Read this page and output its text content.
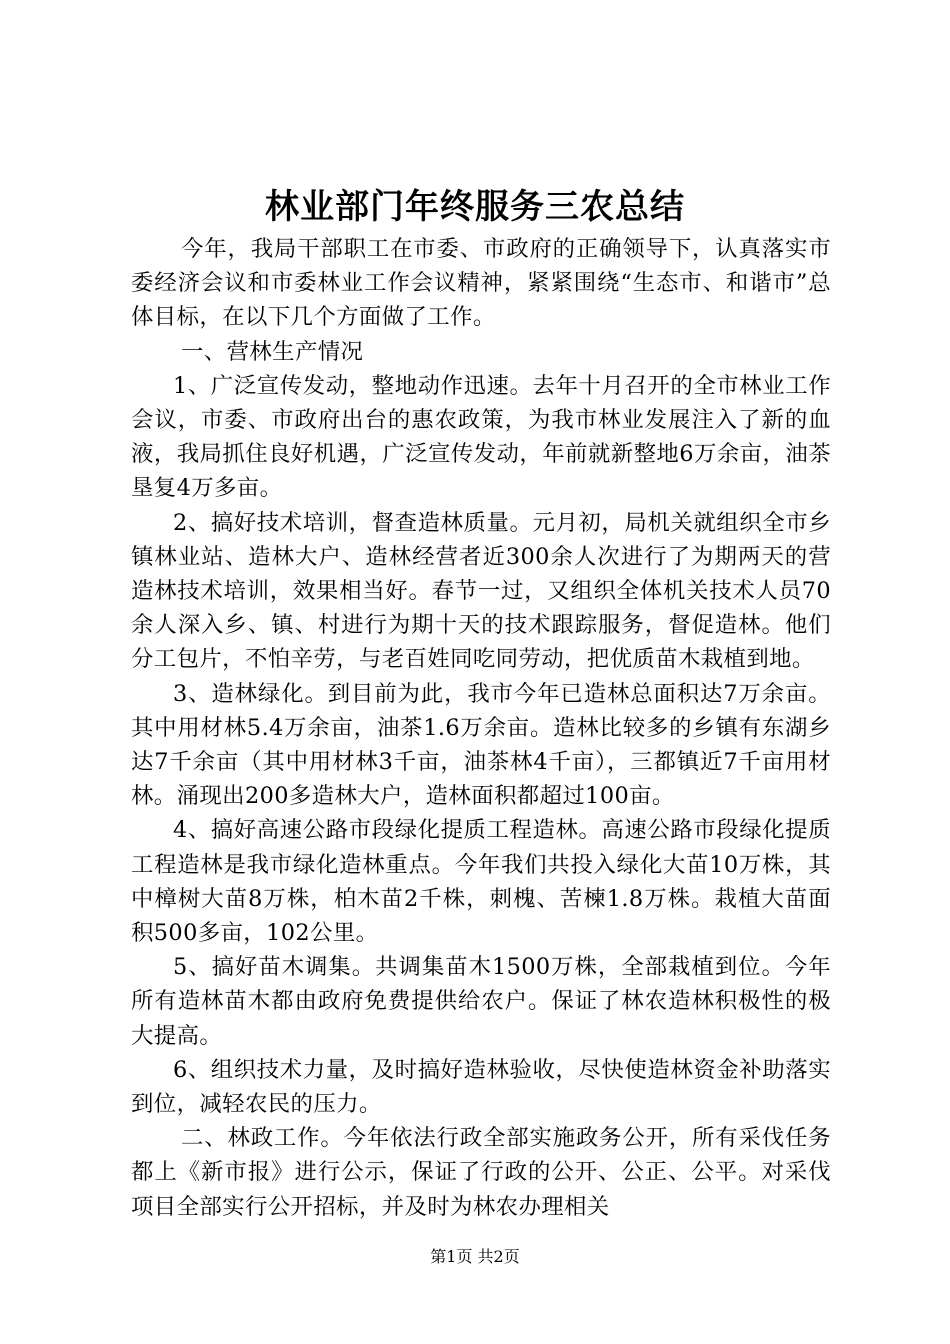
林业部门年终服务三农总结

今年，我局干部职工在市委、市政府的正确领导下，认真落实市委经济会议和市委林业工作会议精神，紧紧围绕“生态市、和谐市”总体目标，在以下几个方面做了工作。

一、营林生产情况

1、广泛宣传发动，整地动作迅速。去年十月召开的全市林业工作会议，市委、市政府出台的惠农政策，为我市林业发展注入了新的血液，我局抓住良好机遇，广泛宣传发动，年前就新整地6万余亩，油茶垦复4万多亩。

2、搞好技术培训，督查造林质量。元月初，局机关就组织全市乡镇林业站、造林大户、造林经营者近300余人次进行了为期两天的营造林技术培训，效果相当好。春节一过，又组织全体机关技术人员70余人深入乡、镇、村进行为期十天的技术跟踪服务，督促造林。他们分工包片，不怕辛劳，与老百姓同吃同劳动，把优质苗木栽植到地。

3、造林绿化。到目前为此，我市今年已造林总面积达7万余亩。其中用材林5.4万余亩，油茶1.6万余亩。造林比较多的乡镇有东湖乡达7千余亩（其中用材林3千亩，油茶林4千亩），三都镇近7千亩用材林。涌现出200多造林大户，造林面积都超过100亩。

4、搞好高速公路市段绿化提质工程造林。高速公路市段绿化提质工程造林是我市绿化造林重点。今年我们共投入绿化大苗10万株，其中樟树大苗8万株，柏木苗2千株，刺槐、苦楝1.8万株。栽植大苗面积500多亩，102公里。

5、搞好苗木调集。共调集苗木1500万株，全部栽植到位。今年所有造林苗木都由政府免费提供给农户。保证了林农造林积极性的极大提高。

6、组织技术力量，及时搞好造林验收，尽快使造林资金补助落实到位，减轻农民的压力。

二、林政工作。今年依法行政全部实施政务公开，所有采伐任务都上《新市报》进行公示，保证了行政的公开、公正、公平。对采伐项目全部实行公开招标，并及时为林农办理相关

第1页 共2页
